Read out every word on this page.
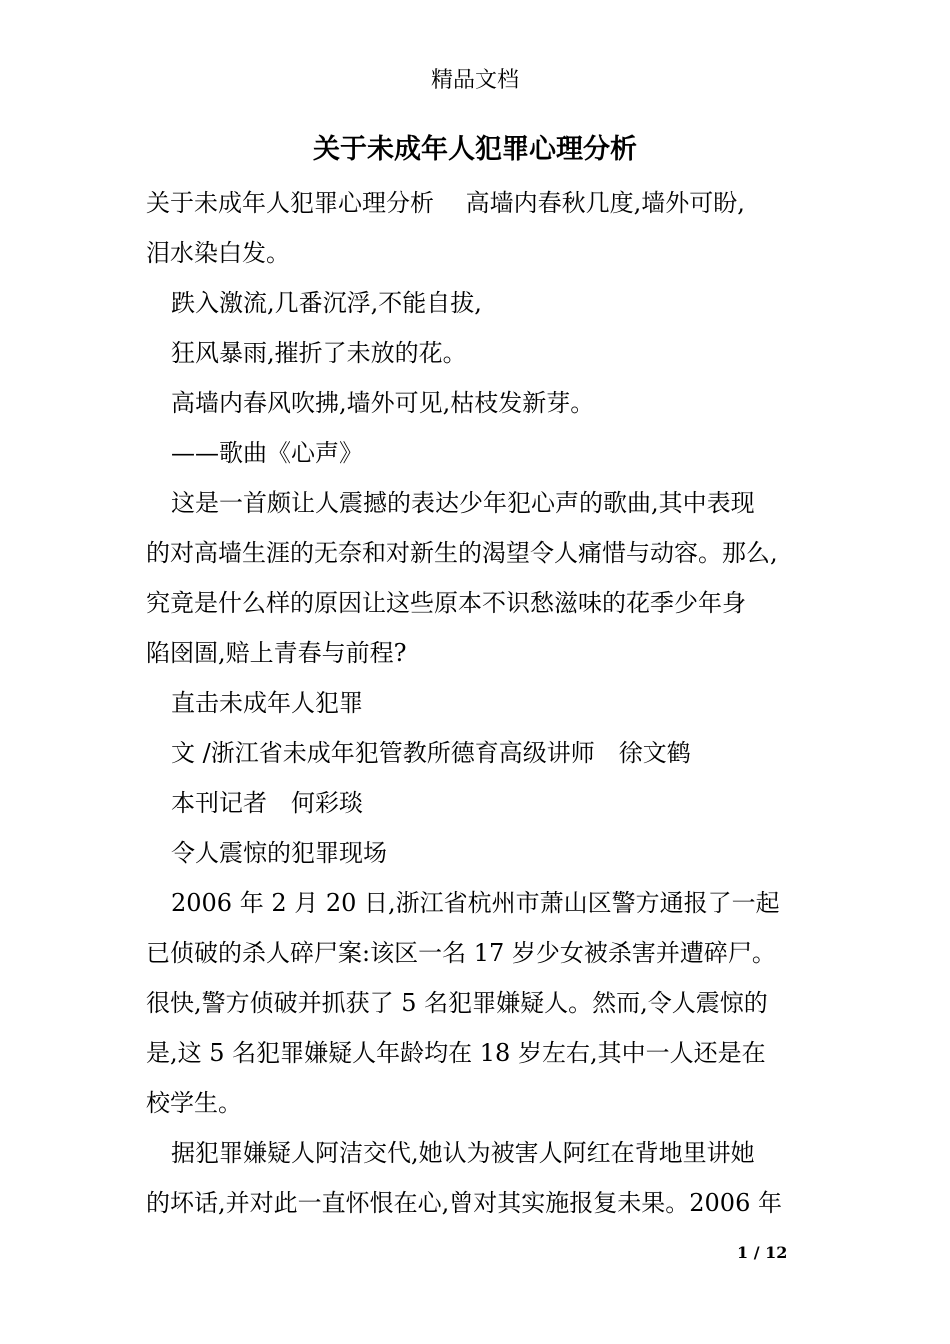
精品文档
关于未成年人犯罪心理分析

关于未成年人犯罪心理分析　 高墙内春秋几度,墙外可盼,

泪水染白发。

跌入激流,几番沉浮,不能自拔,

狂风暴雨,摧折了未放的花。

高墙内春风吹拂,墙外可见,枯枝发新芽。

——歌曲《心声》

这是一首颇让人震撼的表达少年犯心声的歌曲,其中表现

的对高墙生涯的无奈和对新生的渴望令人痛惜与动容。那么,

究竟是什么样的原因让这些原本不识愁滋味的花季少年身

陷囹圄,赔上青春与前程?

直击未成年人犯罪

文 /浙江省未成年犯管教所德育高级讲师　徐文鹤

本刊记者　何彩琰

令人震惊的犯罪现场

2006 年 2 月 20 日,浙江省杭州市萧山区警方通报了一起

已侦破的杀人碎尸案:该区一名 17 岁少女被杀害并遭碎尸。

很快,警方侦破并抓获了 5 名犯罪嫌疑人。然而,令人震惊的

是,这 5 名犯罪嫌疑人年龄均在 18 岁左右,其中一人还是在

校学生。

据犯罪嫌疑人阿洁交代,她认为被害人阿红在背地里讲她

的坏话,并对此一直怀恨在心,曾对其实施报复未果。2006 年

1 / 12
